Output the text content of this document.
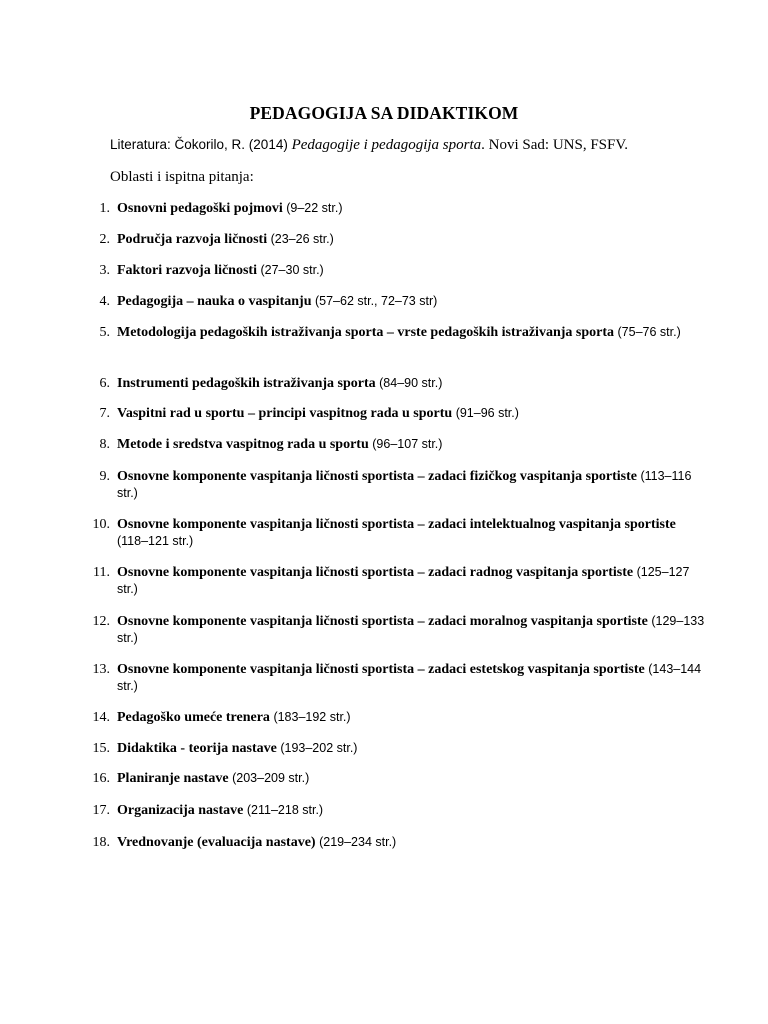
PEDAGOGIJA SA DIDAKTIKOM
Literatura: Čokorilo, R. (2014) Pedagogije i pedagogija sporta. Novi Sad: UNS, FSFV.
Oblasti i ispitna pitanja:
1. Osnovni pedagoški pojmovi (9–22 str.)
2. Područja razvoja ličnosti (23–26 str.)
3. Faktori razvoja ličnosti (27–30 str.)
4. Pedagogija – nauka o vaspitanju (57–62 str., 72–73 str)
5. Metodologija pedagoških istraživanja sporta – vrste pedagoških istraživanja sporta (75–76 str.)
6. Instrumenti pedagoških istraživanja sporta (84–90 str.)
7. Vaspitni rad u sportu – principi vaspitnog rada u sportu (91–96 str.)
8. Metode i sredstva vaspitnog rada u sportu (96–107 str.)
9. Osnovne komponente vaspitanja ličnosti sportista – zadaci fizičkog vaspitanja sportiste (113–116 str.)
10. Osnovne komponente vaspitanja ličnosti sportista – zadaci intelektualnog vaspitanja sportiste (118–121 str.)
11. Osnovne komponente vaspitanja ličnosti sportista – zadaci radnog vaspitanja sportiste (125–127 str.)
12. Osnovne komponente vaspitanja ličnosti sportista – zadaci moralnog vaspitanja sportiste (129–133 str.)
13. Osnovne komponente vaspitanja ličnosti sportista – zadaci estetskog vaspitanja sportiste (143–144 str.)
14. Pedagoško umeće trenera (183–192 str.)
15. Didaktika - teorija nastave (193–202 str.)
16. Planiranje nastave (203–209 str.)
17. Organizacija nastave (211–218 str.)
18. Vrednovanje (evaluacija nastave) (219–234 str.)
